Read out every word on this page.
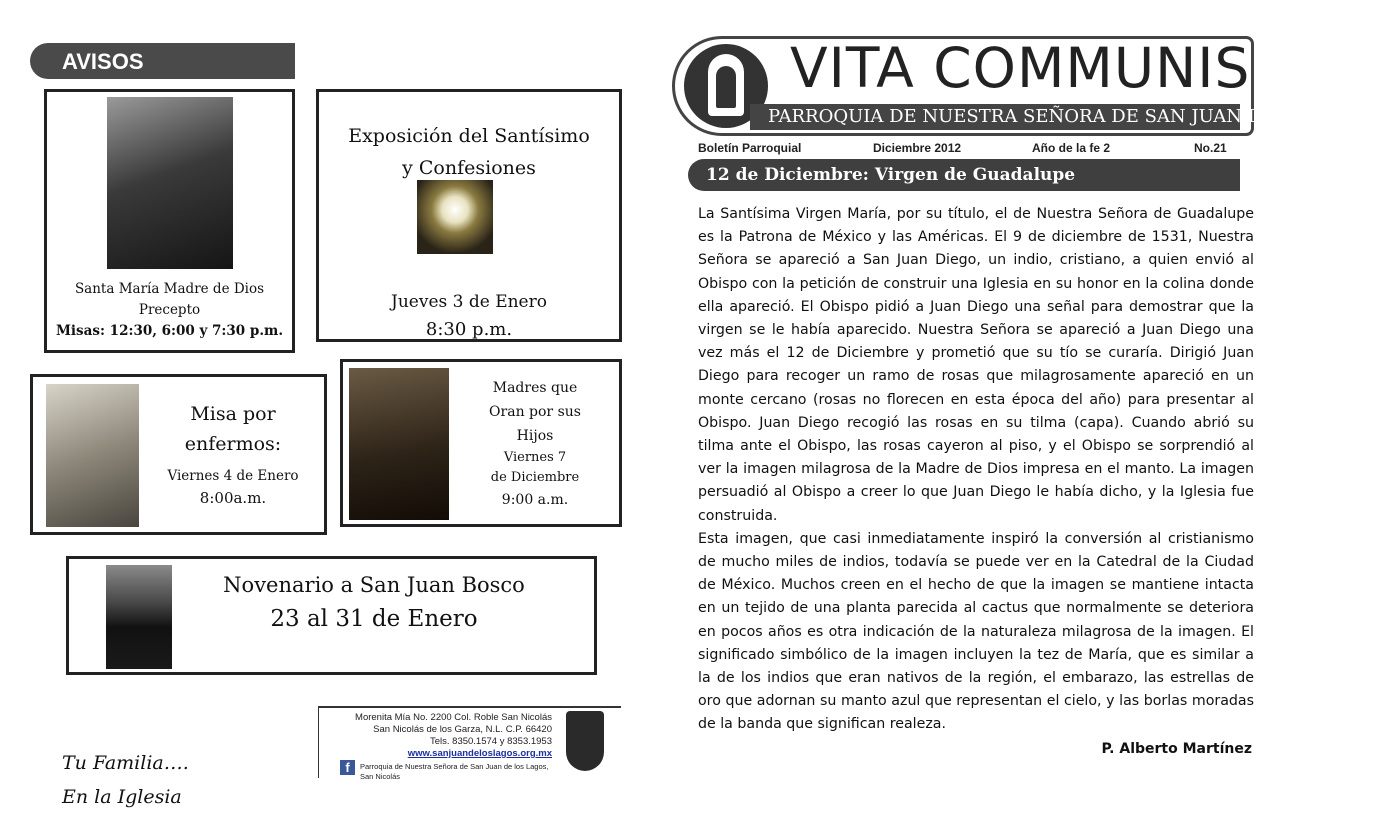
AVISOS
Santa María Madre de Dios
Precepto
Misas: 12:30, 6:00 y 7:30 p.m.
Exposición del Santísimo
y Confesiones
Jueves 3 de Enero
8:30 p.m.
Misa por
enfermos:
Viernes 4 de Enero
8:00a.m.
Madres que
Oran por sus
Hijos
Viernes 7
de Diciembre
9:00 a.m.
Novenario a San Juan Bosco
23 al 31 de Enero
Morenita Mía No. 2200 Col. Roble San Nicolás
San Nicolás de los Garza, N.L. C.P. 66420
Tels. 8350.1574 y 8353.1953
www.sanjuandeloslagos.org.mx
f	Parroquia de Nuestra Señora de San Juan de los Lagos, San Nicolás
Tu Familia….
En la Iglesia
VITA COMMUNIS
PARROQUIA DE NUESTRA SEÑORA DE SAN JUAN DE LOS LAGOS
Boletín Parroquial	Diciembre 2012	Año de la fe 2	No.21
12 de Diciembre: Virgen de Guadalupe

La Santísima Virgen María, por su título, el de Nuestra Señora de Guadalupe es la Patrona de México y las Américas. El 9 de diciembre de 1531, Nuestra Señora se apareció a San Juan Diego, un indio, cristiano, a quien envió al Obispo con la petición de construir una Iglesia en su honor en la colina donde ella apareció. El Obispo pidió a Juan Diego una señal para demostrar que la virgen se le había aparecido. Nuestra Señora se apareció a Juan Diego una vez más el 12 de Diciembre y prometió que su tío se curaría. Dirigió Juan Diego para recoger un ramo de rosas que milagrosamente apareció en un monte cercano (rosas no florecen en esta época del año) para presentar al Obispo. Juan Diego recogió las rosas en su tilma (capa). Cuando abrió su tilma ante el Obispo, las rosas cayeron al piso, y el Obispo se sorprendió al ver la imagen milagrosa de la Madre de Dios impresa en el manto. La imagen persuadió al Obispo a creer lo que Juan Diego le había dicho, y la Iglesia fue construida.

Esta imagen, que casi inmediatamente inspiró la conversión al cristianismo de mucho miles de indios, todavía se puede ver en la Catedral de la Ciudad de México. Muchos creen en el hecho de que la imagen se mantiene intacta en un tejido de una planta parecida al cactus que normalmente se deteriora en pocos años es otra indicación de la naturaleza milagrosa de la imagen. El significado simbólico de la imagen incluyen la tez de María, que es similar a la de los indios que eran nativos de la región, el embarazo, las estrellas de oro que adornan su manto azul que representan el cielo, y las borlas moradas de la banda que significan realeza.

P. Alberto Martínez
